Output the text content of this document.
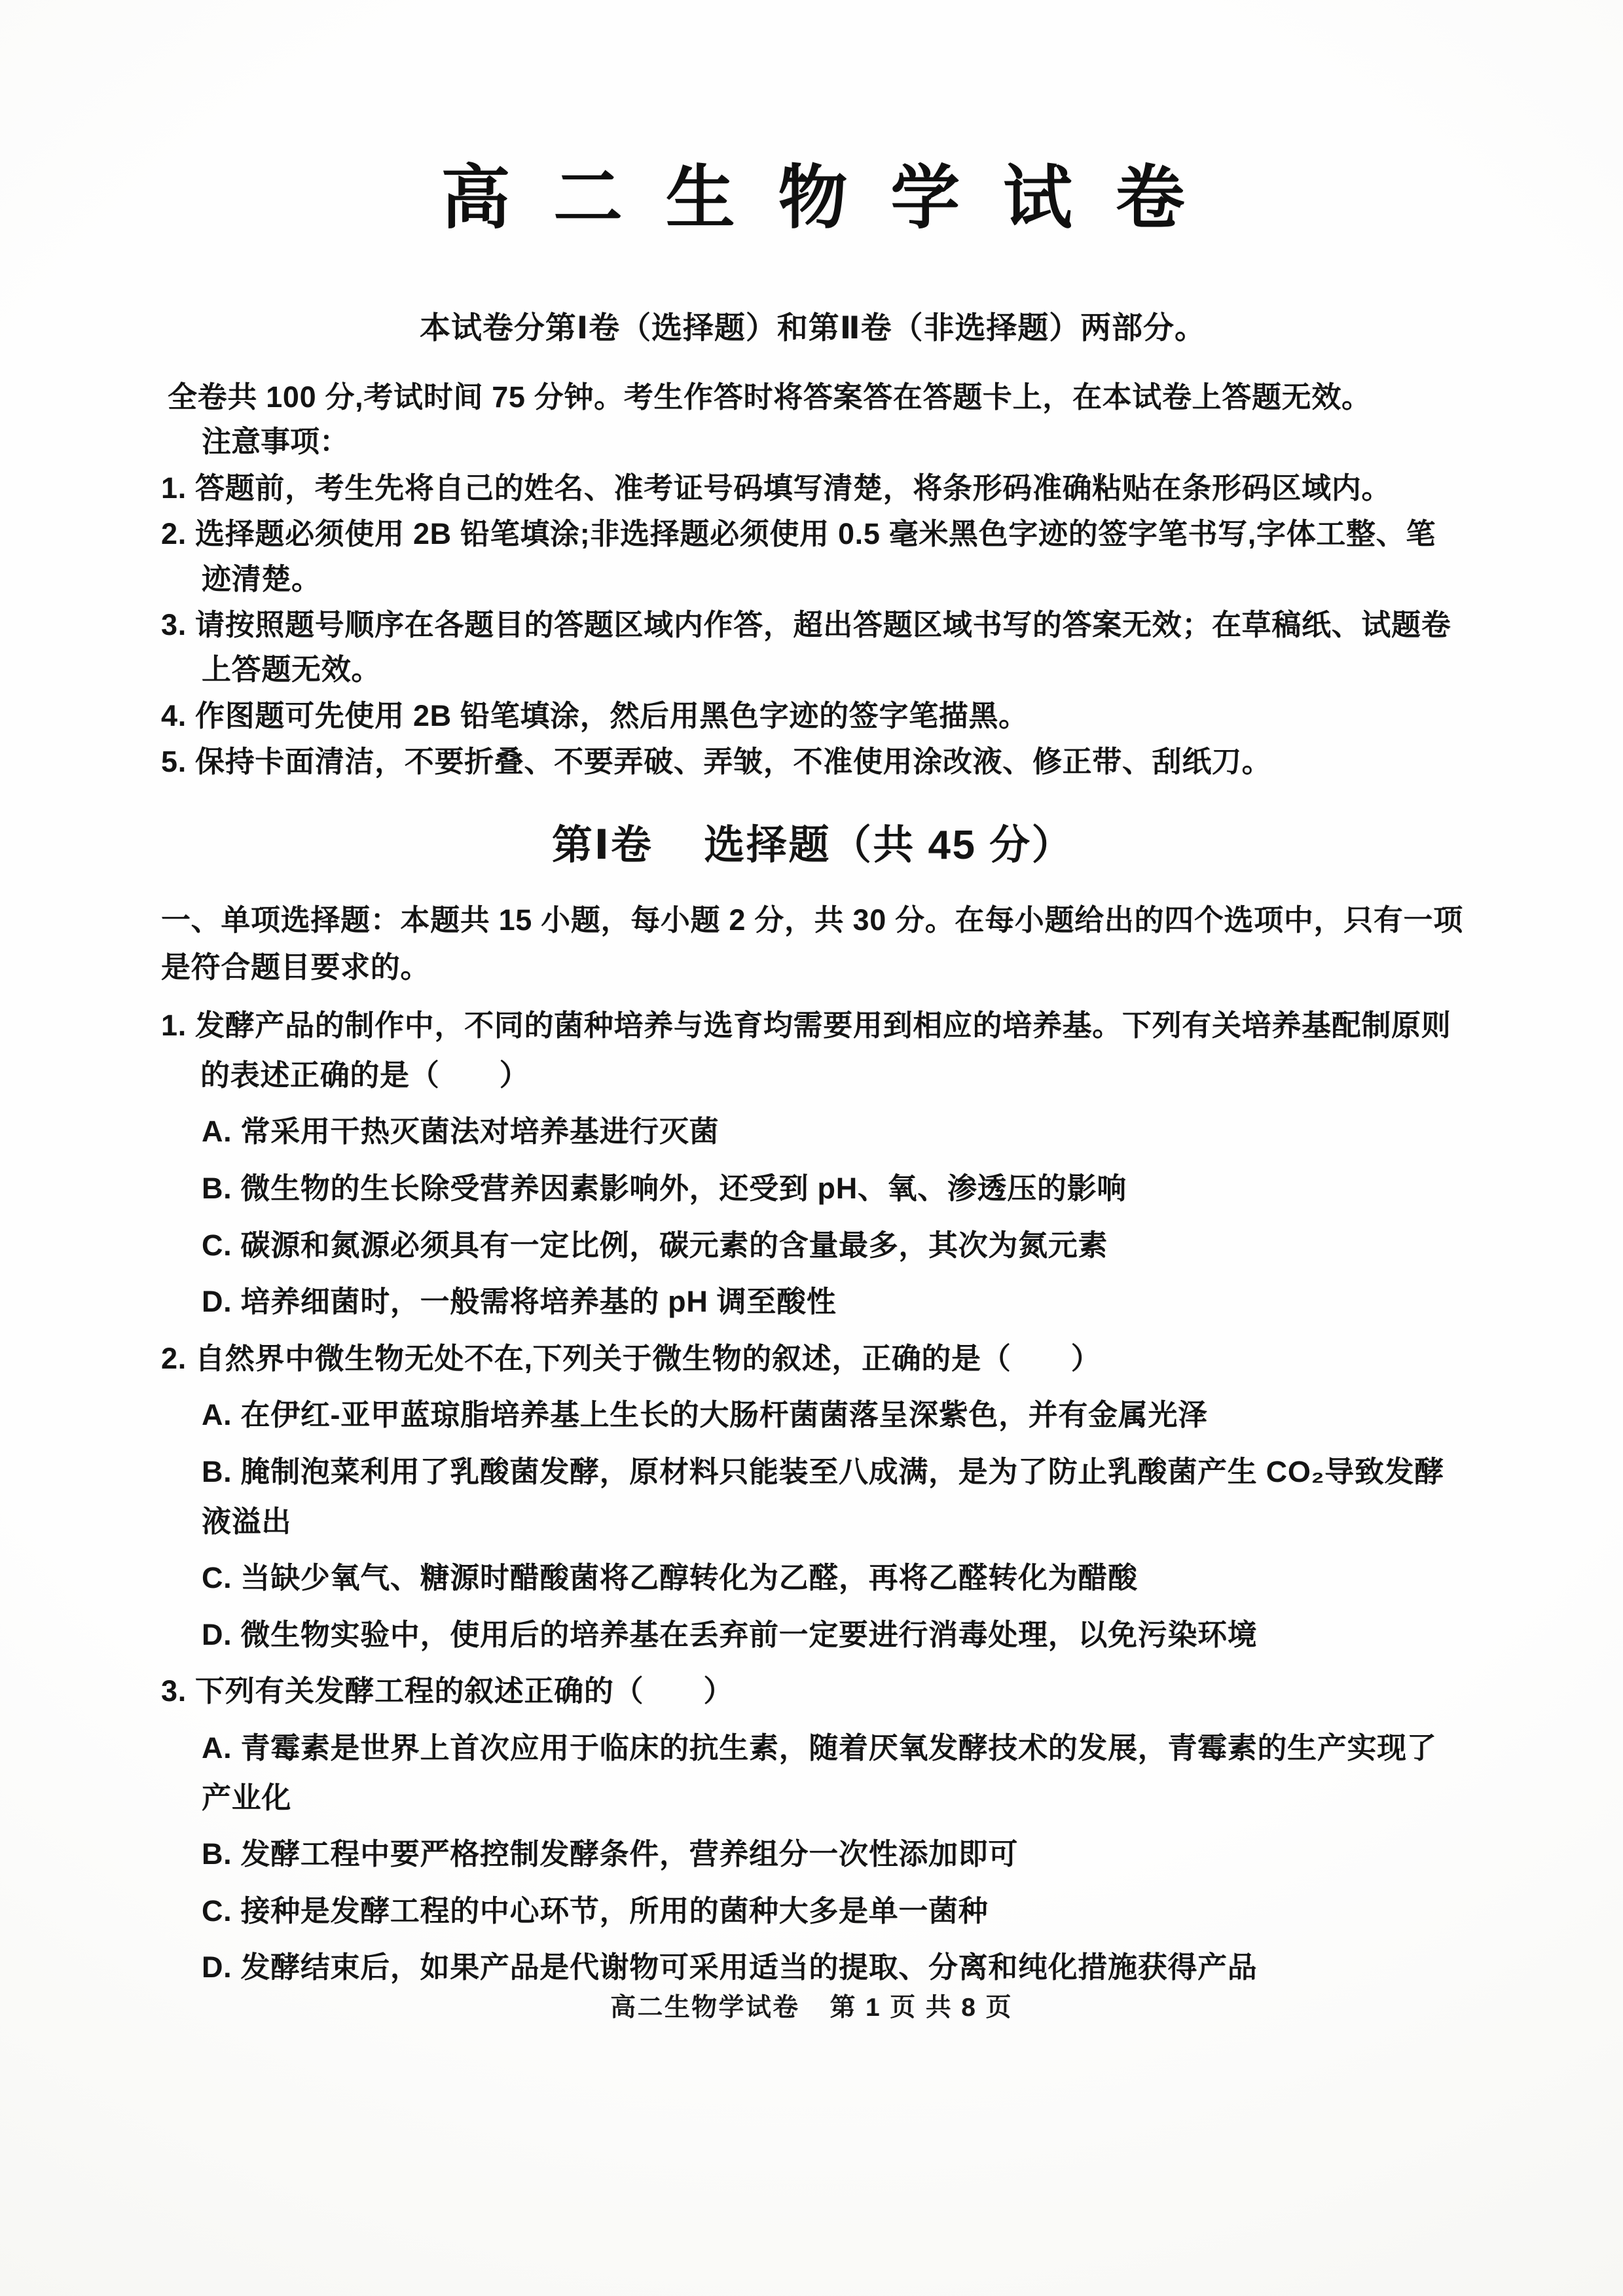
高二生物学试卷
本试卷分第Ⅰ卷（选择题）和第Ⅱ卷（非选择题）两部分。
全卷共 100 分,考试时间 75 分钟。考生作答时将答案答在答题卡上，在本试卷上答题无效。
注意事项：
1. 答题前，考生先将自己的姓名、准考证号码填写清楚，将条形码准确粘贴在条形码区域内。
2. 选择题必须使用 2B 铅笔填涂;非选择题必须使用 0.5 毫米黑色字迹的签字笔书写,字体工整、笔迹清楚。
3. 请按照题号顺序在各题目的答题区域内作答，超出答题区域书写的答案无效；在草稿纸、试题卷上答题无效。
4. 作图题可先使用 2B 铅笔填涂，然后用黑色字迹的签字笔描黑。
5. 保持卡面清洁，不要折叠、不要弄破、弄皱，不准使用涂改液、修正带、刮纸刀。
第Ⅰ卷 选择题（共 45 分）
一、单项选择题：本题共 15 小题，每小题 2 分，共 30 分。在每小题给出的四个选项中，只有一项是符合题目要求的。
1. 发酵产品的制作中，不同的菌种培养与选育均需要用到相应的培养基。下列有关培养基配制原则的表述正确的是（　　）
A. 常采用干热灭菌法对培养基进行灭菌
B. 微生物的生长除受营养因素影响外，还受到 pH、氧、渗透压的影响
C. 碳源和氮源必须具有一定比例，碳元素的含量最多，其次为氮元素
D. 培养细菌时，一般需将培养基的 pH 调至酸性
2. 自然界中微生物无处不在,下列关于微生物的叙述，正确的是（　　）
A. 在伊红-亚甲蓝琼脂培养基上生长的大肠杆菌菌落呈深紫色，并有金属光泽
B. 腌制泡菜利用了乳酸菌发酵，原材料只能装至八成满，是为了防止乳酸菌产生 CO₂导致发酵液溢出
C. 当缺少氧气、糖源时醋酸菌将乙醇转化为乙醛，再将乙醛转化为醋酸
D. 微生物实验中，使用后的培养基在丢弃前一定要进行消毒处理，以免污染环境
3. 下列有关发酵工程的叙述正确的（　　）
A. 青霉素是世界上首次应用于临床的抗生素，随着厌氧发酵技术的发展，青霉素的生产实现了产业化
B. 发酵工程中要严格控制发酵条件，营养组分一次性添加即可
C. 接种是发酵工程的中心环节，所用的菌种大多是单一菌种
D. 发酵结束后，如果产品是代谢物可采用适当的提取、分离和纯化措施获得产品
高二生物学试卷 第 1 页 共 8 页
